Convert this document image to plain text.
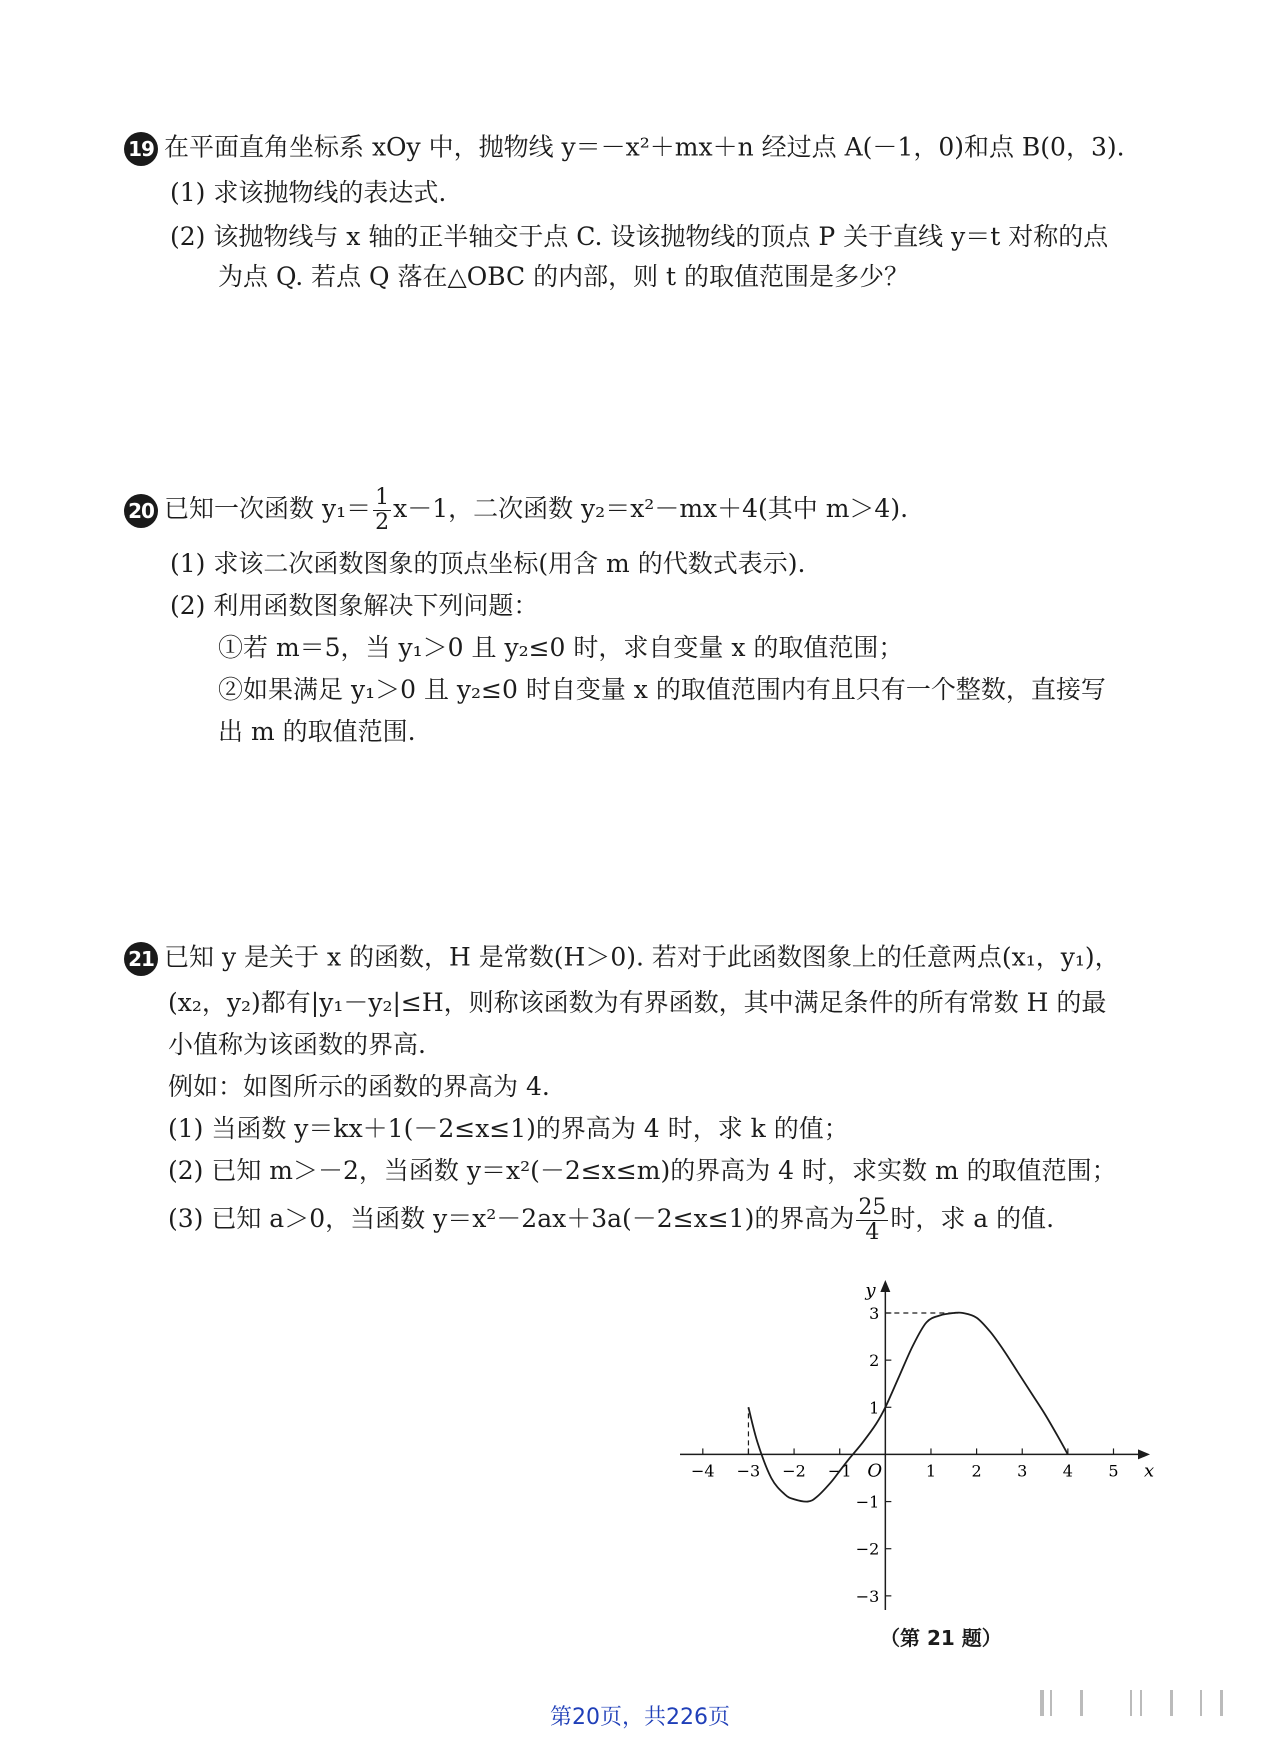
19 在平面直角坐标系 xOy 中，抛物线 y＝－x²＋mx＋n 经过点 A(－1，0)和点 B(0，3).
(1) 求该抛物线的表达式.
(2) 该抛物线与 x 轴的正半轴交于点 C. 设该抛物线的顶点 P 关于直线 y＝t 对称的点
为点 Q. 若点 Q 落在△OBC 的内部，则 t 的取值范围是多少？
20 已知一次函数 $y_1= \frac{1}{2} x-1$，二次函数 y₂＝x²－mx＋4(其中 m＞4).
(1) 求该二次函数图象的顶点坐标(用含 m 的代数式表示).
(2) 利用函数图象解决下列问题：
①若 m＝5，当 y₁＞0 且 y₂≤0 时，求自变量 x 的取值范围；
②如果满足 y₁＞0 且 y₂≤0 时自变量 x 的取值范围内有且只有一个整数，直接写
出 m 的取值范围.
21 已知 y 是关于 x 的函数，H 是常数(H＞0). 若对于此函数图象上的任意两点(x₁，y₁)，
(x₂，y₂)都有|y₁－y₂|≤H，则称该函数为有界函数，其中满足条件的所有常数 H 的最
小值称为该函数的界高.
例如：如图所示的函数的界高为 4.
(1) 当函数 y＝kx＋1(－2≤x≤1)的界高为 4 时，求 k 的值；
(2) 已知 m＞－2，当函数 y＝x²(－2≤x≤m)的界高为 4 时，求实数 m 的取值范围；
(3) 已知 a＞0，当函数 y＝x²－2ax＋3a(－2≤x≤1)的界高为 $\frac{25}{4}$ 时，求 a 的值.
x
y
O
−4 −3 −2 −1	1 2 3 4 5
3
2
1
−1
−2
−3
（第 21 题）
第20页，共226页
